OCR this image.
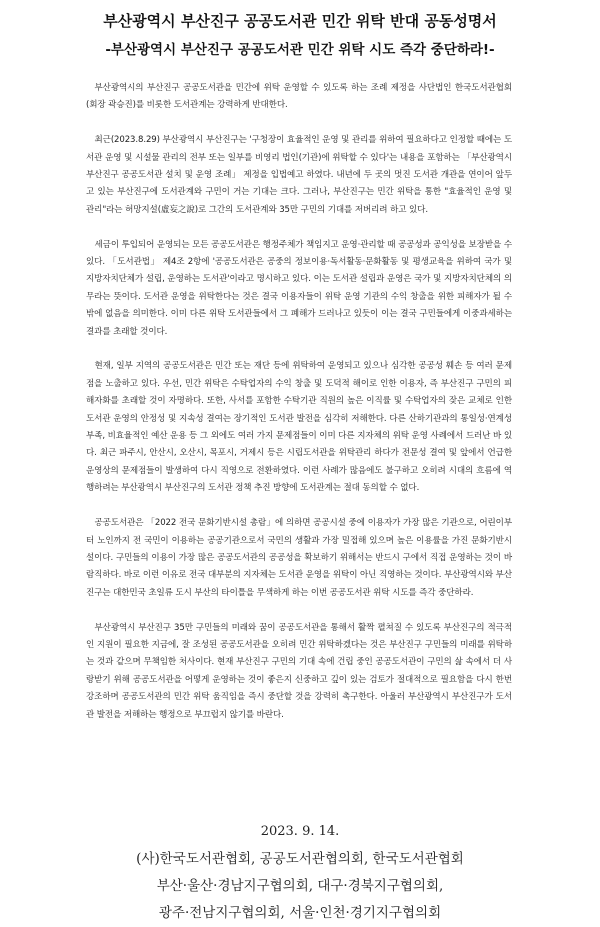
부산광역시 부산진구 공공도서관 민간 위탁 반대 공동성명서
-부산광역시 부산진구 공공도서관 민간 위탁 시도 즉각 중단하라!-

부산광역시의 부산진구 공공도서관을 민간에 위탁 운영할 수 있도록 하는 조례 제정을 사단법인 한국도서관협회(회장 곽승진)를 비롯한 도서관계는 강력하게 반대한다.

최근(2023.8.29) 부산광역시 부산진구는 '구청장이 효율적인 운영 및 관리를 위하여 필요하다고 인정할 때에는 도서관 운영 및 시설물 관리의 전부 또는 일부를 비영리 법인(기관)에 위탁할 수 있다'는 내용을 포함하는 「부산광역시 부산진구 공공도서관 설치 및 운영 조례」 제정을 입법예고 하였다. 내년에 두 곳의 멋진 도서관 개관을 연이어 앞두고 있는 부산진구에 도서관계와 구민이 거는 기대는 크다. 그러나, 부산진구는 민간 위탁을 통한 "효율적인 운영 및 관리"라는 허망지설(虛妄之說)로 그간의 도서관계와 35만 구민의 기대를 저버리려 하고 있다.

세금이 투입되어 운영되는 모든 공공도서관은 행정주체가 책임지고 운영·관리할 때 공공성과 공익성을 보장받을 수 있다. 「도서관법」 제4조 2항에 '공공도서관은 공중의 정보이용·독서활동·문화활동 및 평생교육을 위하여 국가 및 지방자치단체가 설립, 운영하는 도서관'이라고 명시하고 있다. 이는 도서관 설립과 운영은 국가 및 지방자치단체의 의무라는 뜻이다. 도서관 운영을 위탁한다는 것은 결국 이용자들이 위탁 운영 기관의 수익 창출을 위한 피해자가 될 수밖에 없음을 의미한다. 이미 다른 위탁 도서관들에서 그 폐해가 드러나고 있듯이 이는 결국 구민들에게 이중과세하는 결과를 초래할 것이다.

현재, 일부 지역의 공공도서관은 민간 또는 재단 등에 위탁하여 운영되고 있으나 심각한 공공성 훼손 등 여러 문제점을 노출하고 있다. 우선, 민간 위탁은 수탁업자의 수익 창출 및 도덕적 해이로 인한 이용자, 즉 부산진구 구민의 피해자화를 초래할 것이 자명하다. 또한, 사서를 포함한 수탁기관 직원의 높은 이직률 및 수탁업자의 잦은 교체로 인한 도서관 운영의 안정성 및 지속성 결여는 장기적인 도서관 발전을 심각히 저해한다. 다른 산하기관과의 통일성·연계성 부족, 비효율적인 예산 운용 등 그 외에도 여러 가지 문제점들이 이미 다른 지자체의 위탁 운영 사례에서 드러난 바 있다. 최근 파주시, 안산시, 오산시, 목포시, 거제시 등은 시립도서관을 위탁관리 하다가 전문성 결여 및 앞에서 언급한 운영상의 문제점들이 발생하여 다시 직영으로 전환하였다. 이런 사례가 많음에도 불구하고 오히려 시대의 흐름에 역행하려는 부산광역시 부산진구의 도서관 정책 추진 방향에 도서관계는 절대 동의할 수 없다.

공공도서관은 「2022 전국 문화기반시설 총람」에 의하면 공공시설 중에 이용자가 가장 많은 기관으로, 어린이부터 노인까지 전 국민이 이용하는 공공기관으로서 국민의 생활과 가장 밀접해 있으며 높은 이용률을 가진 문화기반시설이다. 구민들의 이용이 가장 많은 공공도서관의 공공성을 확보하기 위해서는 반드시 구에서 직접 운영하는 것이 바람직하다. 바로 이런 이유로 전국 대부분의 지자체는 도서관 운영을 위탁이 아닌 직영하는 것이다. 부산광역시와 부산진구는 대한민국 초일류 도시 부산의 타이틀을 무색하게 하는 이번 공공도서관 위탁 시도를 즉각 중단하라.

부산광역시 부산진구 35만 구민들의 미래와 꿈이 공공도서관을 통해서 활짝 펼쳐질 수 있도록 부산진구의 적극적인 지원이 필요한 지금에, 잘 조성된 공공도서관을 오히려 민간 위탁하겠다는 것은 부산진구 구민들의 미래를 위탁하는 것과 같으며 무책임한 처사이다. 현재 부산진구 구민의 기대 속에 건립 중인 공공도서관이 구민의 삶 속에서 더 사랑받기 위해 공공도서관을 어떻게 운영하는 것이 좋은지 신중하고 깊이 있는 검토가 절대적으로 필요함을 다시 한번 강조하며 공공도서관의 민간 위탁 움직임을 즉시 중단할 것을 강력히 촉구한다. 아울러 부산광역시 부산진구가 도서관 발전을 저해하는 행정으로 부끄럽지 않기를 바란다.

2023. 9. 14.
(사)한국도서관협회, 공공도서관협의회, 한국도서관협회
부산·울산·경남지구협의회, 대구·경북지구협의회,
광주·전남지구협의회, 서울·인천·경기지구협의회
